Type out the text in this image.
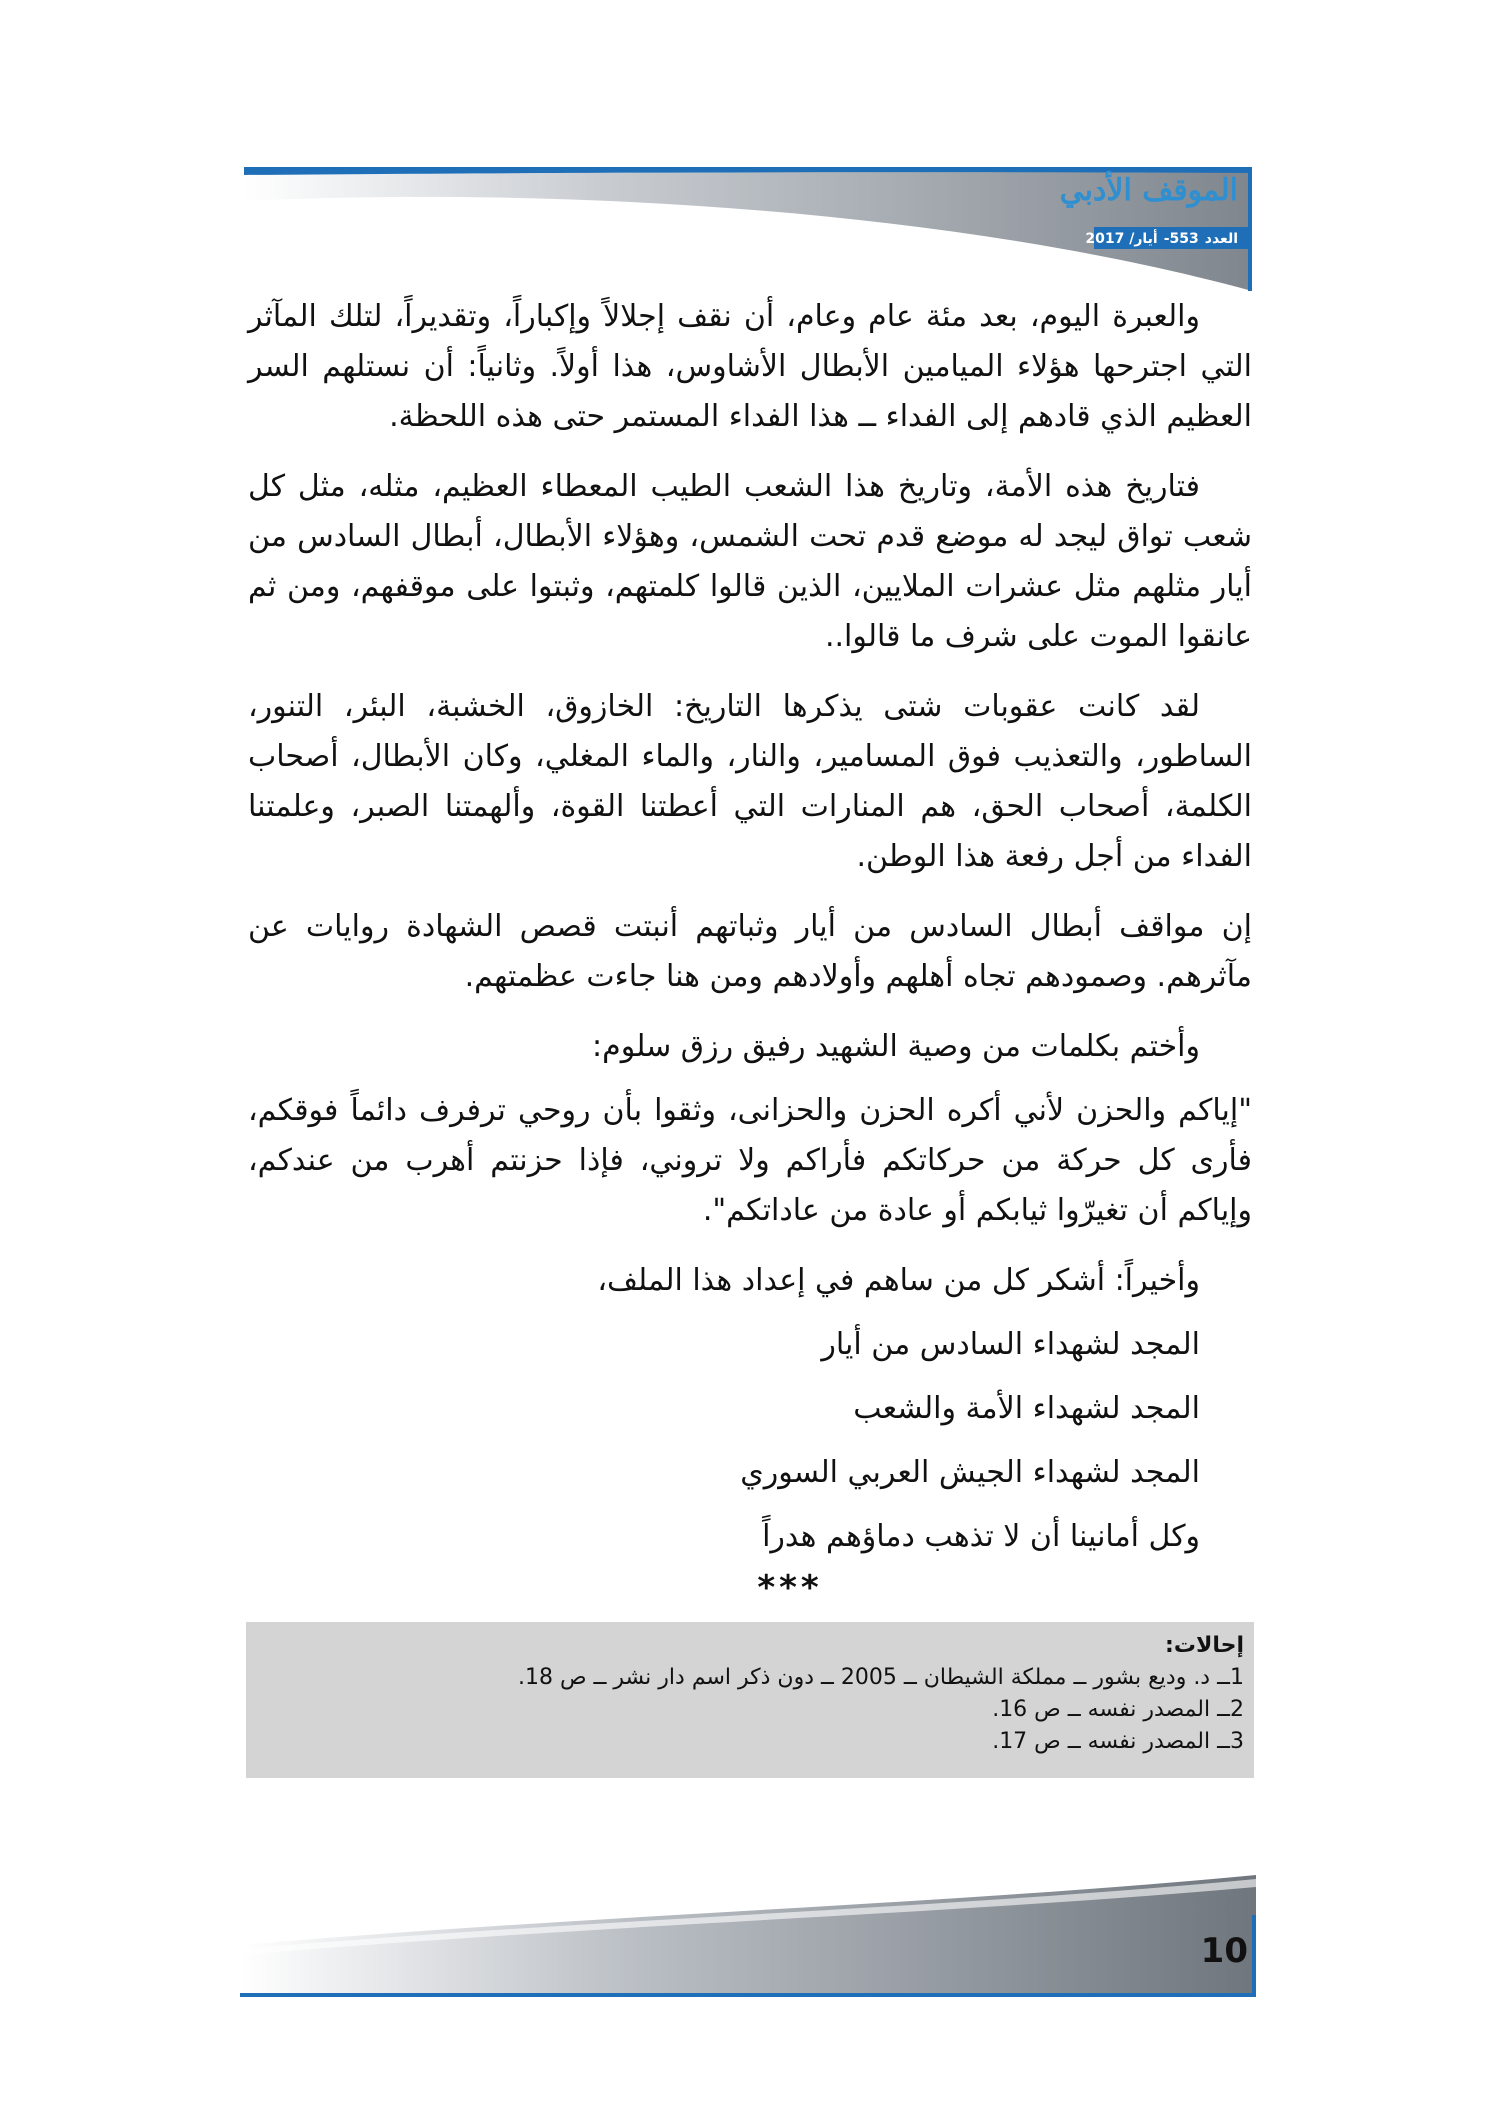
الموقف الأدبي
العدد553-أيار/ 2017

والعبرة اليوم، بعد مئة عام وعام، أن نقف إجلالاً وإكباراً، وتقديراً، لتلك المآثر التي اجترحها هؤلاء الميامين الأبطال الأشاوس، هذا أولاً. وثانياً: أن نستلهم السر العظيم الذي قادهم إلى الفداء ــ هذا الفداء المستمر حتى هذه اللحظة.

فتاريخ هذه الأمة، وتاريخ هذا الشعب الطيب المعطاء العظيم، مثله، مثل كل شعب تواق ليجد له موضع قدم تحت الشمس، وهؤلاء الأبطال، أبطال السادس من أيار مثلهم مثل عشرات الملايين، الذين قالوا كلمتهم، وثبتوا على موقفهم، ومن ثم عانقوا الموت على شرف ما قالوا..

لقد كانت عقوبات شتى يذكرها التاريخ: الخازوق، الخشبة، البئر، التنور، الساطور، والتعذيب فوق المسامير، والنار، والماء المغلي، وكان الأبطال، أصحاب الكلمة، أصحاب الحق، هم المنارات التي أعطتنا القوة، وألهمتنا الصبر، وعلمتنا الفداء من أجل رفعة هذا الوطن.

إن مواقف أبطال السادس من أيار وثباتهم أنبتت قصص الشهادة روايات عن مآثرهم. وصمودهم تجاه أهلهم وأولادهم ومن هنا جاءت عظمتهم.

وأختم بكلمات من وصية الشهيد رفيق رزق سلوم:

"إياكم والحزن لأني أكره الحزن والحزانى، وثقوا بأن روحي ترفرف دائماً فوقكم، فأرى كل حركة من حركاتكم فأراكم ولا تروني، فإذا حزنتم أهرب من عندكم، وإياكم أن تغيرّوا ثيابكم أو عادة من عاداتكم".

وأخيراً: أشكر كل من ساهم في إعداد هذا الملف،

المجد لشهداء السادس من أيار

المجد لشهداء الأمة والشعب

المجد لشهداء الجيش العربي السوري

وكل أمانينا أن لا تذهب دماؤهم هدراً

***
إحالات:
1ــ د. وديع بشور ــ مملكة الشيطان ــ 2005 ــ دون ذكر اسم دار نشر ــ ص 18.
2ــ المصدر نفسه ــ ص 16.
3ــ المصدر نفسه ــ ص 17.
10
